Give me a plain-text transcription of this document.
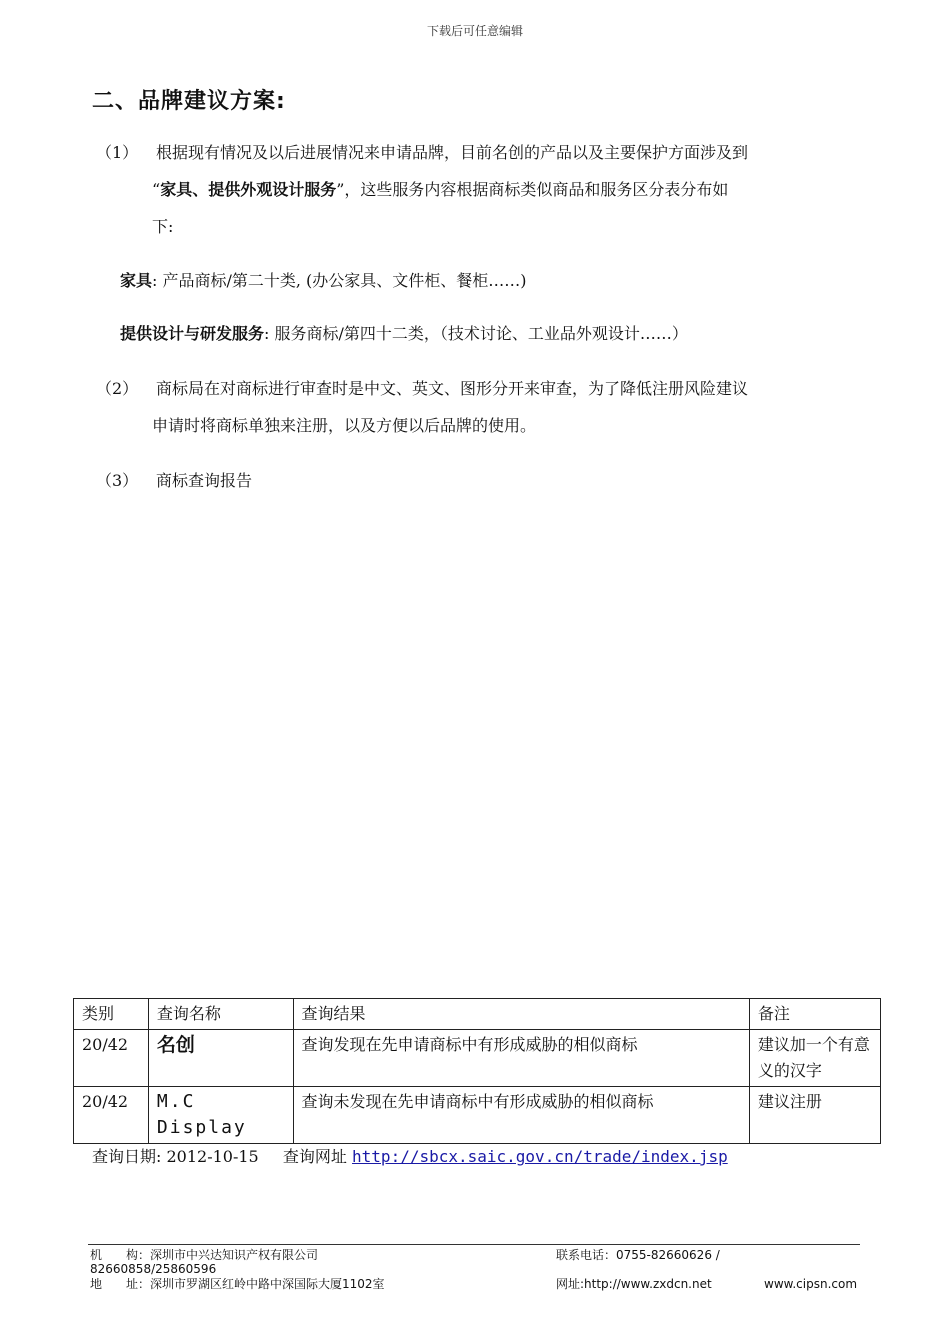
下载后可任意编辑
二、品牌建议方案:
（1）	根据现有情况及以后进展情况来申请品牌，目前名创的产品以及主要保护方面涉及到
“家具、提供外观设计服务”，这些服务内容根据商标类似商品和服务区分表分布如
下:
家具: 产品商标/第二十类, (办公家具、文件柜、餐柜……)
提供设计与研发服务: 服务商标/第四十二类，（技术讨论、工业品外观设计……）
（2）	商标局在对商标进行审查时是中文、英文、图形分开来审查，为了降低注册风险建议
申请时将商标单独来注册，以及方便以后品牌的使用。
（3）	商标查询报告
类别	查询名称	查询结果	备注
20/42	名创	查询发现在先申请商标中有形成威胁的相似商标	建议加一个有意义的汉字
20/42	M.C Display	查询未发现在先申请商标中有形成威胁的相似商标	建议注册
查询日期: 2012-10-15 查询网址 http://sbcx.saic.gov.cn/trade/index.jsp
机　　构：深圳市中兴达知识产权有限公司	联系电话：0755-82660626 /
82660858/25860596
地　　址：深圳市罗湖区红岭中路中深国际大厦1102室	网址:http://www.zxdcn.net	www.cipsn.com
